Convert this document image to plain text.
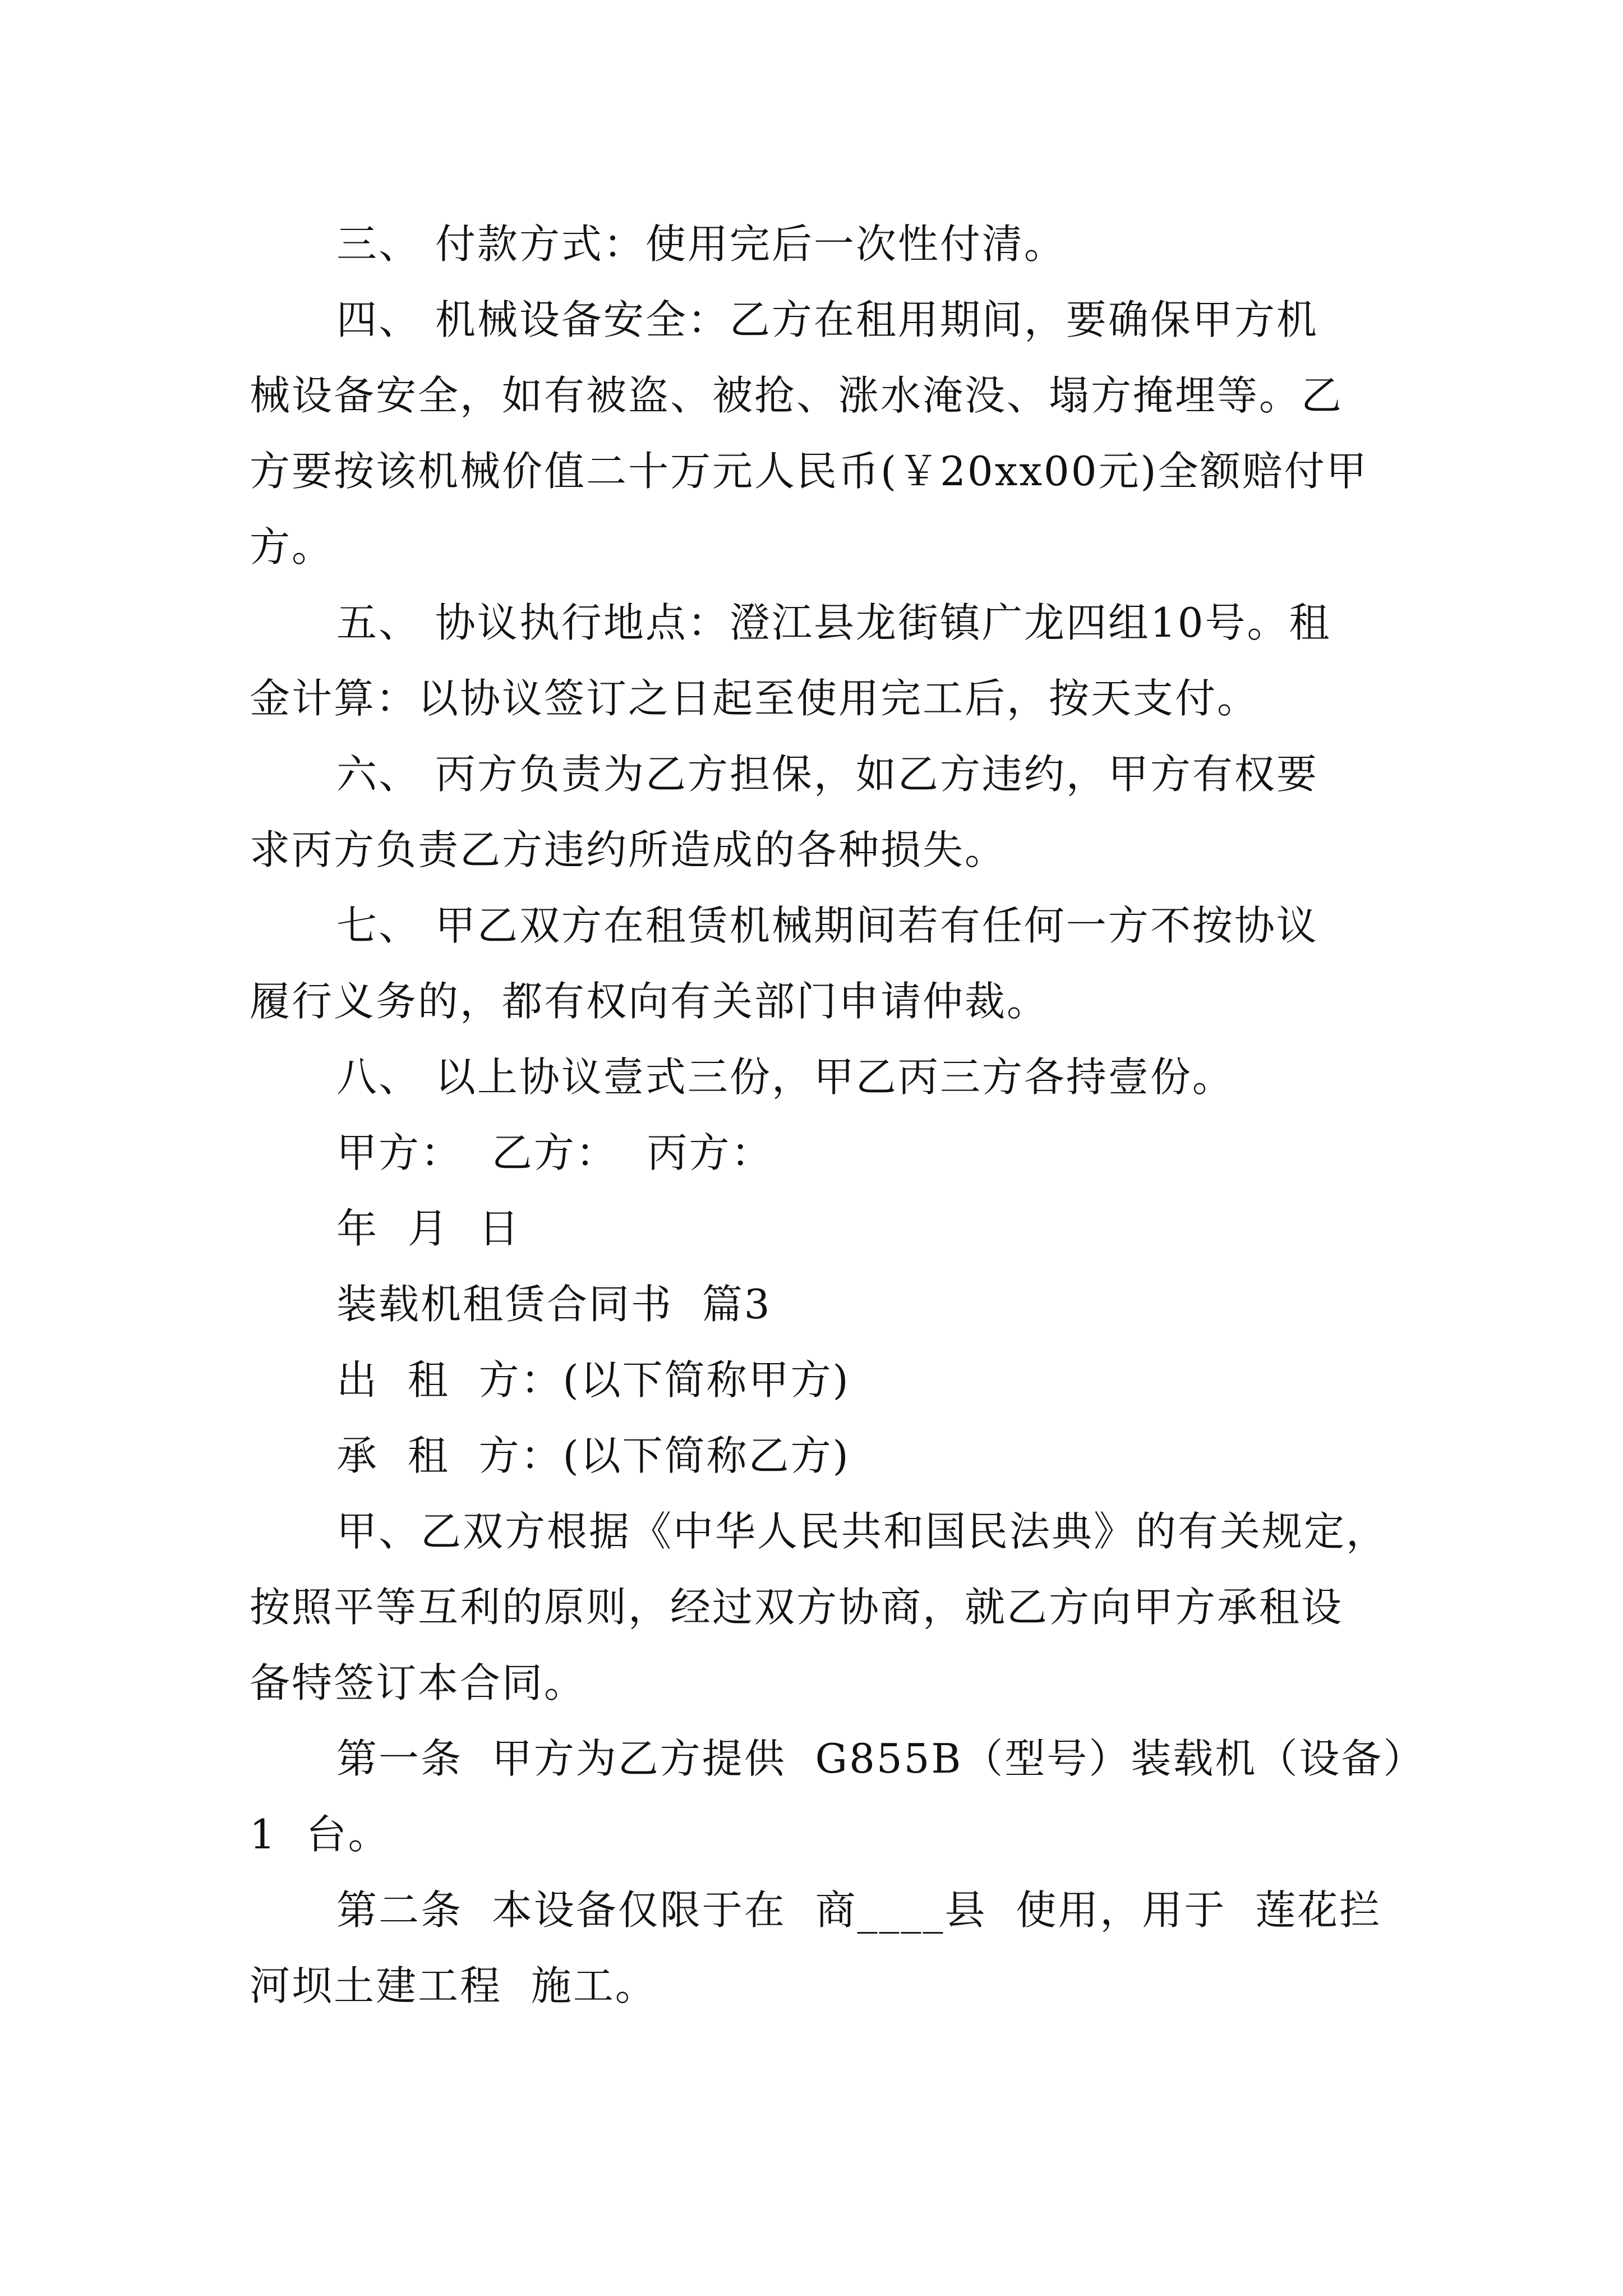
三、 付款方式：使用完后一次性付清。
四、 机械设备安全：乙方在租用期间，要确保甲方机
械设备安全，如有被盗、被抢、涨水淹没、塌方掩埋等。乙
方要按该机械价值二十万元人民币(￥20xx00元)全额赔付甲
方。
五、 协议执行地点：澄江县龙街镇广龙四组10号。租
金计算：以协议签订之日起至使用完工后，按天支付。
六、 丙方负责为乙方担保，如乙方违约，甲方有权要
求丙方负责乙方违约所造成的各种损失。
七、 甲乙双方在租赁机械期间若有任何一方不按协议
履行义务的，都有权向有关部门申请仲裁。
八、 以上协议壹式三份，甲乙丙三方各持壹份。
甲方：  乙方：  丙方：
年  月  日
装载机租赁合同书  篇3
出  租  方：(以下简称甲方)
承  租  方：(以下简称乙方)
甲、乙双方根据《中华人民共和国民法典》的有关规定，
按照平等互利的原则，经过双方协商，就乙方向甲方承租设
备特签订本合同。
第一条  甲方为乙方提供  G855B（型号）装载机（设备）
1  台。
第二条  本设备仅限于在  商____县  使用，用于  莲花拦
河坝土建工程  施工。
